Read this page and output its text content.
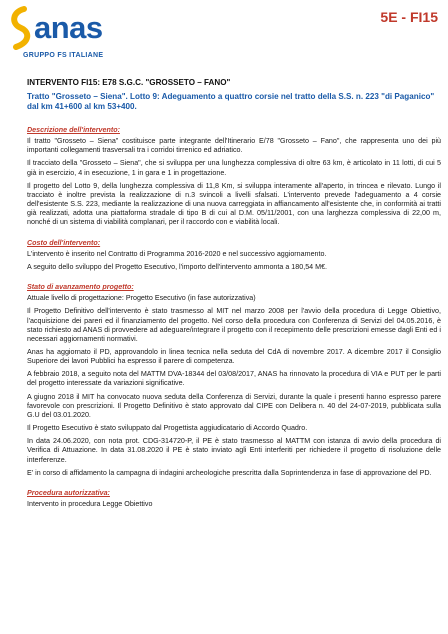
anas
GRUPPO FS ITALIANE
5E - FI15
INTERVENTO FI15: E78 S.G.C. "GROSSETO – FANO"
Tratto "Grosseto – Siena". Lotto 9: Adeguamento a quattro corsie nel tratto della S.S. n. 223 "di Paganico" dal km 41+600 al km 53+400.
Descrizione dell'intervento:

Il tratto "Grosseto – Siena" costituisce parte integrante dell'Itinerario E/78 "Grosseto – Fano", che rappresenta uno dei più importanti collegamenti trasversali tra i corridoi tirrenico ed adriatico.

Il tracciato della "Grosseto – Siena", che si sviluppa per una lunghezza complessiva di oltre 63 km, è articolato in 11 lotti, di cui 5 già in esercizio, 4 in esecuzione, 1 in gara e 1 in progettazione.

Il progetto del Lotto 9, della lunghezza complessiva di 11,8 Km, si sviluppa interamente all'aperto, in trincea e rilevato. Lungo il tracciato è inoltre prevista la realizzazione di n.3 svincoli a livelli sfalsati. L'intervento prevede l'adeguamento a 4 corsie dell'esistente S.S. 223, mediante la realizzazione di una nuova carreggiata in affiancamento all'esistente che, in conformità ai tratti già realizzati, adotta una piattaforma stradale di tipo B di cui al D.M. 05/11/2001, con una larghezza complessiva di 22,00 m, nonché di un sistema di viabilità complanari, per il raccordo con e viabilità locali.

Costo dell'intervento:

L'intervento è inserito nel Contratto di Programma 2016-2020 e nel successivo aggiornamento.

A seguito dello sviluppo del Progetto Esecutivo, l'importo dell'intervento ammonta a 180,54 M€.

Stato di avanzamento progetto:

Attuale livello di progettazione: Progetto Esecutivo (in fase autorizzativa)

Il Progetto Definitivo dell'intervento è stato trasmesso al MIT nel marzo 2008 per l'avvio della procedura di Legge Obiettivo, l'acquisizione dei pareri ed il finanziamento del progetto. Nel corso della procedura con Conferenza di Servizi del 04.05.2016, è stato richiesto ad ANAS di provvedere ad adeguare/integrare il progetto con il recepimento delle prescrizioni emesse dagli Enti ed i necessari aggiornamenti normativi.

Anas ha aggiornato il PD, approvandolo in linea tecnica nella seduta del CdA di novembre 2017. A dicembre 2017 il Consiglio Superiore dei lavori Pubblici ha espresso il parere di competenza.

A febbraio 2018, a seguito nota del MATTM DVA-18344 del 03/08/2017, ANAS ha rinnovato la procedura di VIA e PUT per le parti del progetto interessate da variazioni significative.

A giugno 2018 il MIT ha convocato nuova seduta della Conferenza di Servizi, durante la quale i presenti hanno espresso parere favorevole con prescrizioni. Il Progetto Definitivo è stato approvato dal CIPE con Delibera n. 40 del 24-07-2019, pubblicata sulla G.U del 03.01.2020.

Il Progetto Esecutivo è stato sviluppato dal Progettista aggiudicatario di Accordo Quadro.

In data 24.06.2020, con nota prot. CDG-314720-P, il PE è stato trasmesso al MATTM con istanza di avvio della procedura di Verifica di Attuazione. In data 31.08.2020 il PE è stato inviato agli Enti interferiti per richiedere il progetto di risoluzione delle interferenze.

E' in corso di affidamento la campagna di indagini archeologiche prescritta dalla Soprintendenza in fase di approvazione del PD.

Procedura autorizzativa:

Intervento in procedura Legge Obiettivo
